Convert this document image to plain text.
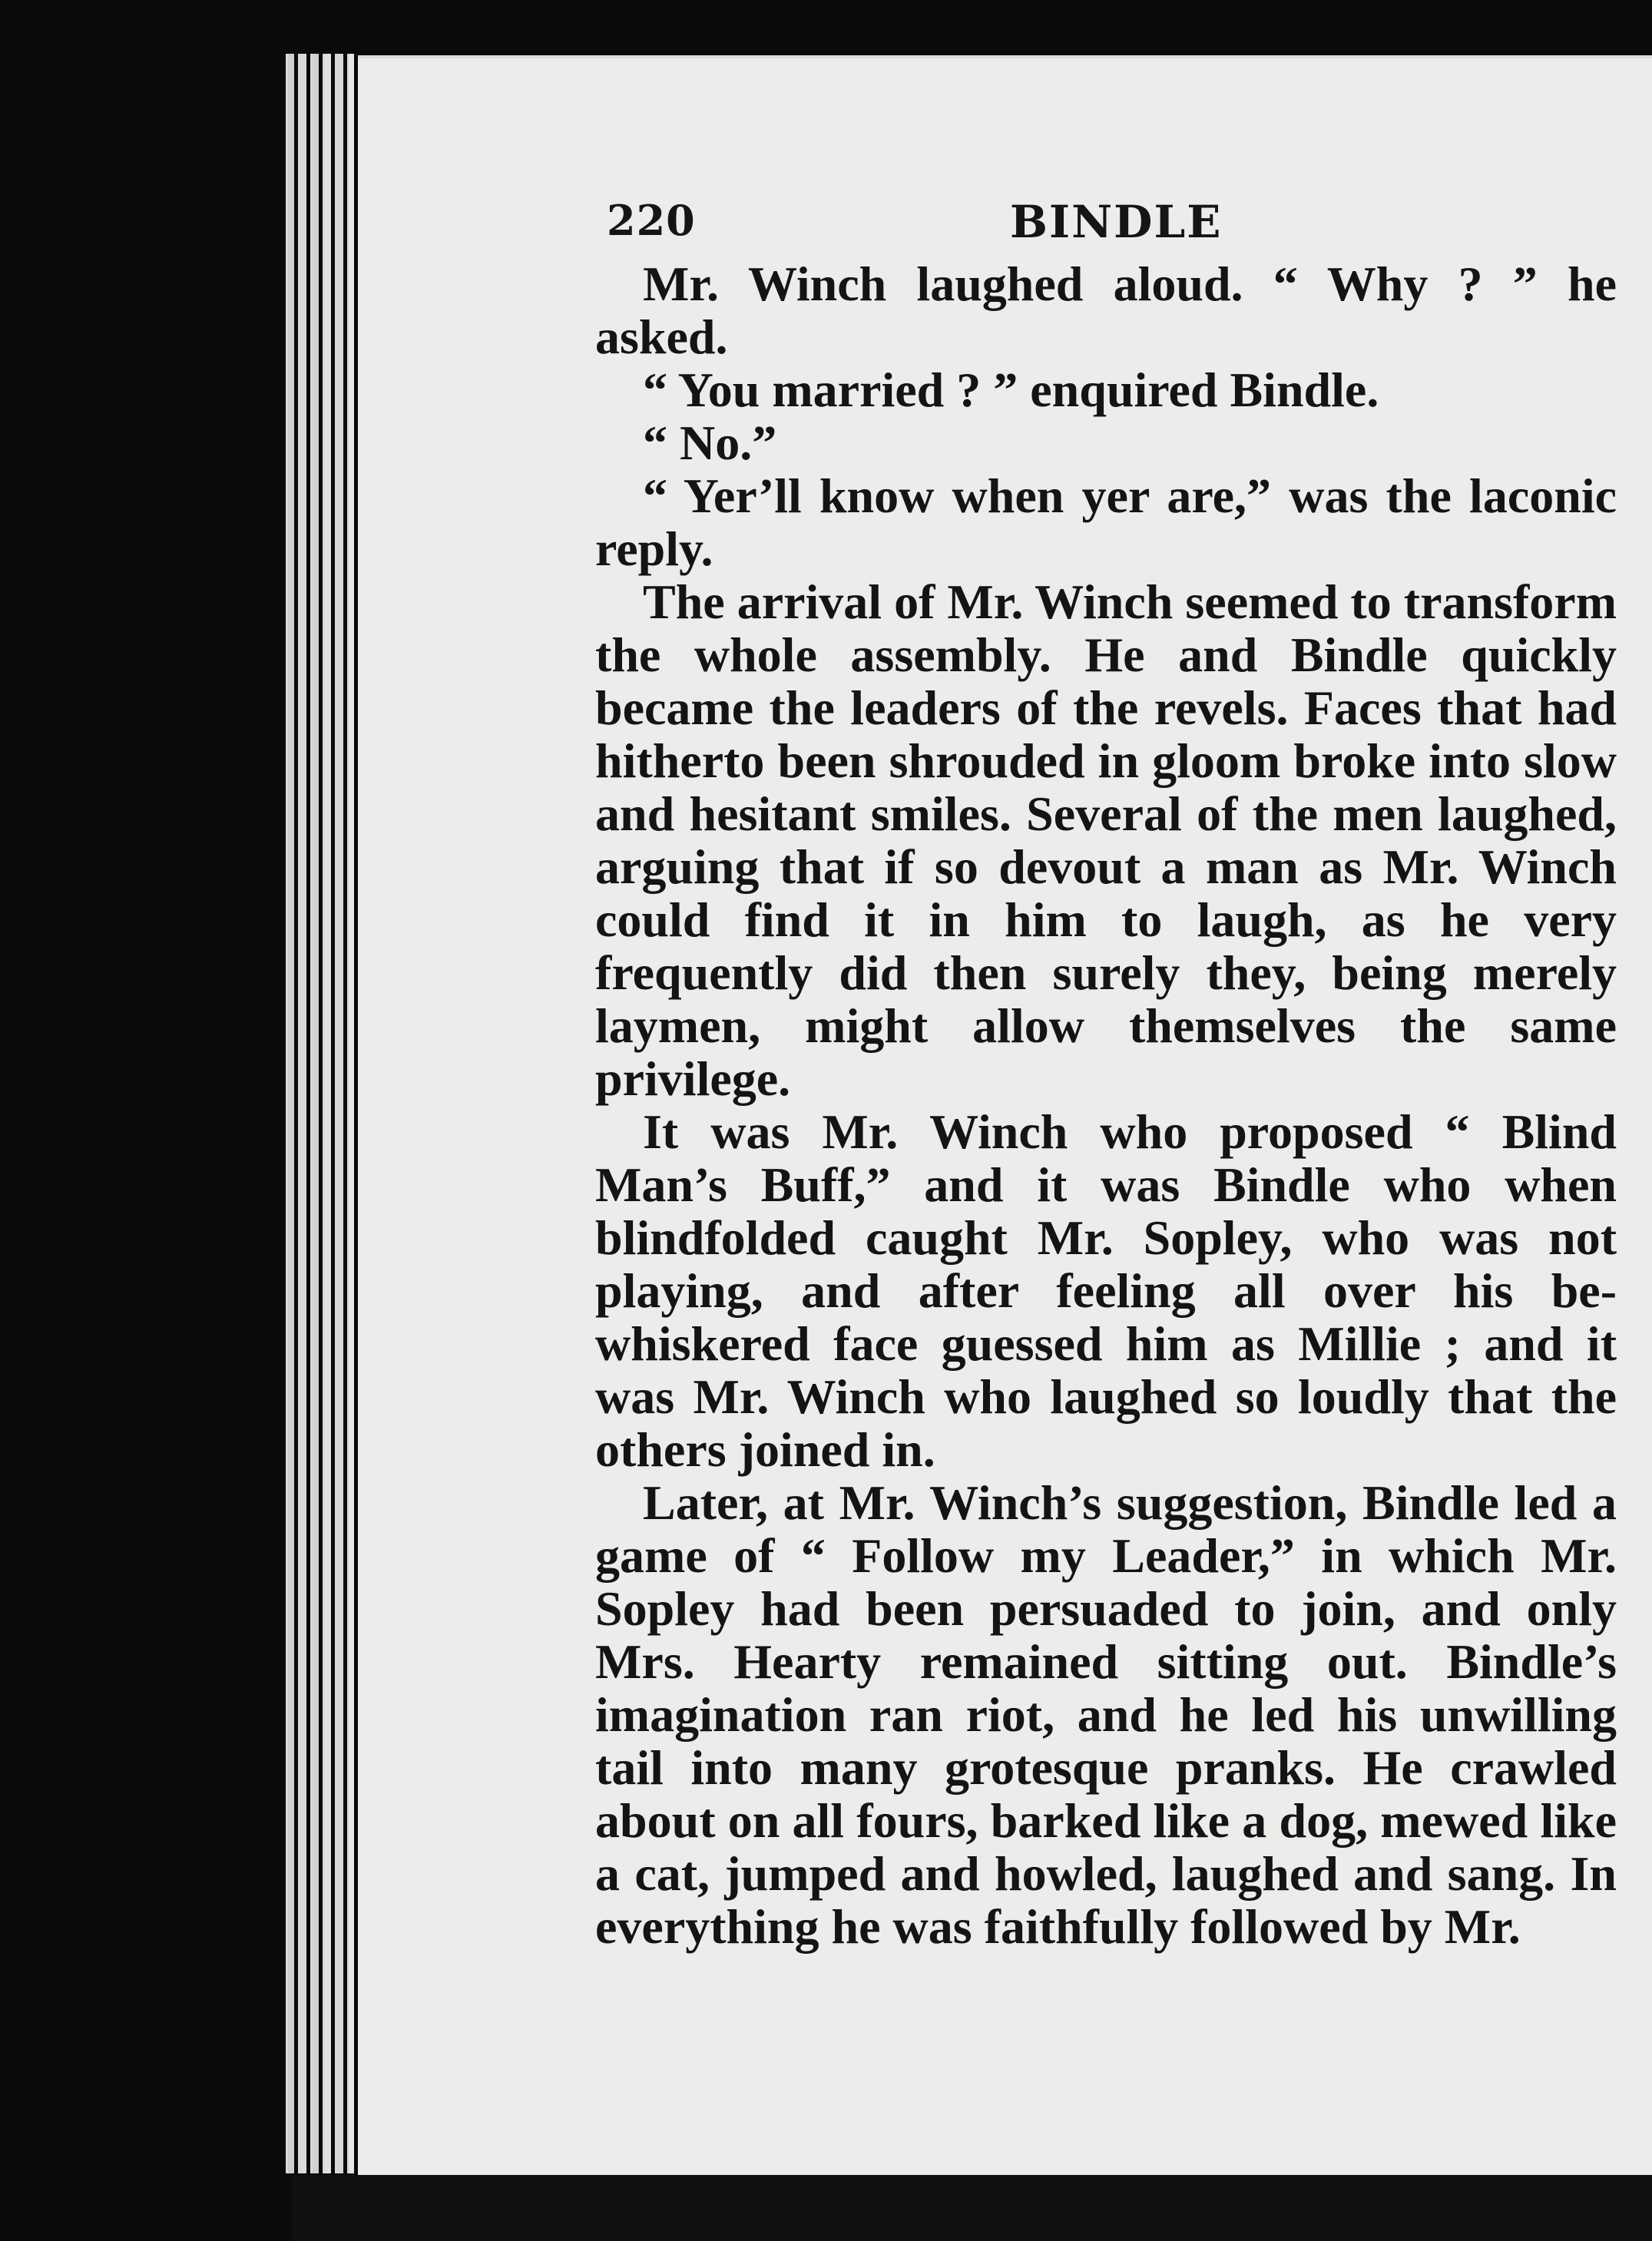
220	BINDLE

Mr. Winch laughed aloud. “ Why ? ” he asked.

“ You married ? ” enquired Bindle.

“ No.”

“ Yer’ll know when yer are,” was the laconic reply.

The arrival of Mr. Winch seemed to transform the whole assembly. He and Bindle quickly became the leaders of the revels. Faces that had hitherto been shrouded in gloom broke into slow and hesitant smiles. Several of the men laughed, arguing that if so devout a man as Mr. Winch could find it in him to laugh, as he very frequently did then surely they, being merely laymen, might allow themselves the same privilege.

It was Mr. Winch who proposed “ Blind Man’s Buff,” and it was Bindle who when blindfolded caught Mr. Sopley, who was not playing, and after feeling all over his be-whiskered face guessed him as Millie ; and it was Mr. Winch who laughed so loudly that the others joined in.

Later, at Mr. Winch’s suggestion, Bindle led a game of “ Follow my Leader,” in which Mr. Sopley had been persuaded to join, and only Mrs. Hearty remained sitting out. Bindle’s imagination ran riot, and he led his unwilling tail into many grotesque pranks. He crawled about on all fours, barked like a dog, mewed like a cat, jumped and howled, laughed and sang. In everything he was faithfully followed by Mr.
